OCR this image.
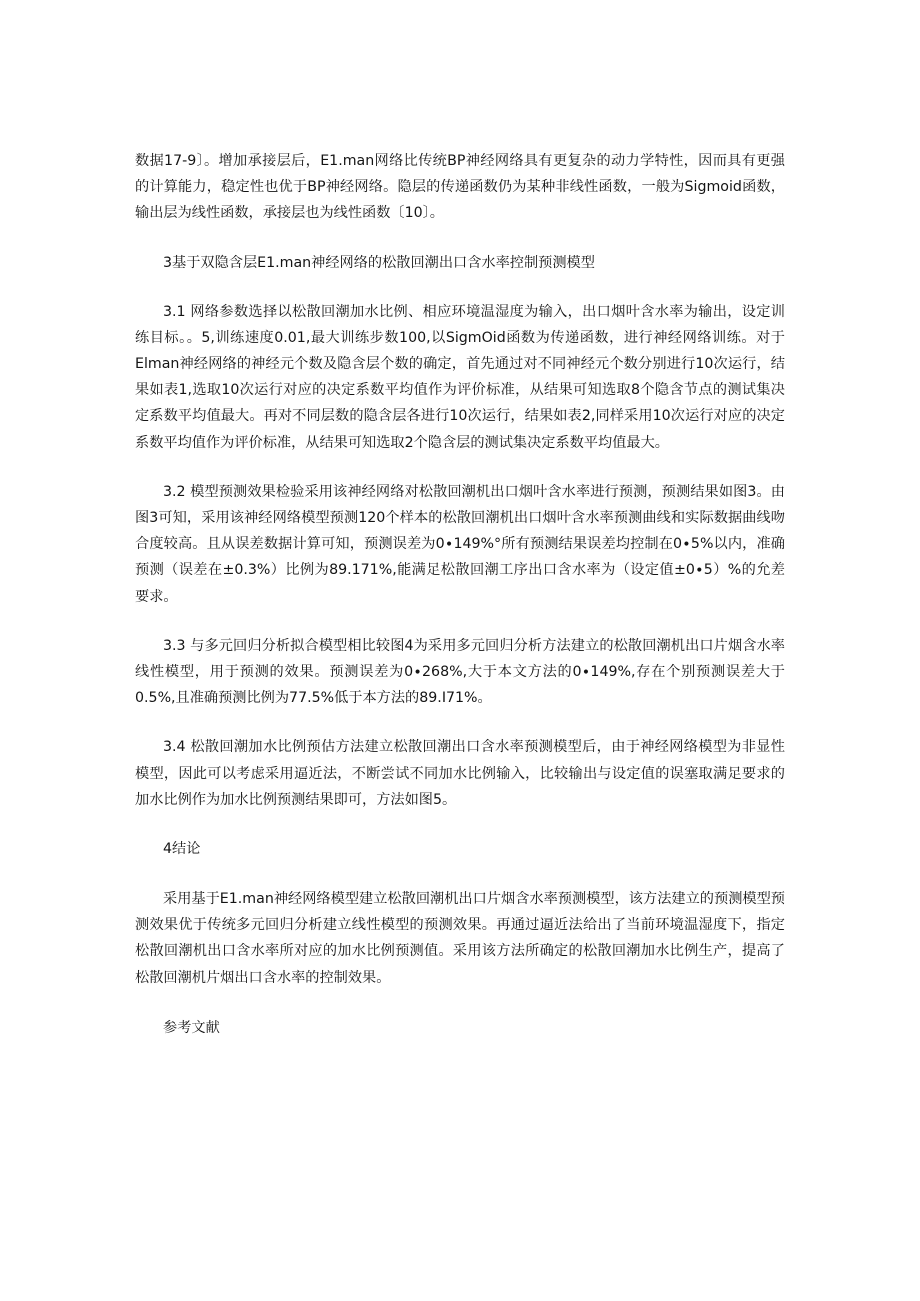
数据17-9〕。增加承接层后，E1.man网络比传统BP神经网络具有更复杂的动力学特性，因而具有更强的计算能力，稳定性也优于BP神经网络。隐层的传递函数仍为某种非线性函数，一般为Sigmoid函数，输出层为线性函数，承接层也为线性函数〔10〕。

3基于双隐含层E1.man神经网络的松散回潮出口含水率控制预测模型

3.1 网络参数选择以松散回潮加水比例、相应环境温湿度为输入，出口烟叶含水率为输出，设定训练目标。。5,训练速度0.01,最大训练步数100,以SigmOid函数为传递函数，进行神经网络训练。对于Elman神经网络的神经元个数及隐含层个数的确定，首先通过对不同神经元个数分别进行10次运行，结果如表1,选取10次运行对应的决定系数平均值作为评价标准，从结果可知选取8个隐含节点的测试集决定系数平均值最大。再对不同层数的隐含层各进行10次运行，结果如表2,同样采用10次运行对应的决定系数平均值作为评价标准，从结果可知选取2个隐含层的测试集决定系数平均值最大。

3.2 模型预测效果检验采用该神经网络对松散回潮机出口烟叶含水率进行预测，预测结果如图3。由图3可知，采用该神经网络模型预测120个样本的松散回潮机出口烟叶含水率预测曲线和实际数据曲线吻合度较高。且从误差数据计算可知，预测误差为0∙149%°所有预测结果误差均控制在0∙5%以内，准确预测（误差在±0.3%）比例为89.171%,能满足松散回潮工序出口含水率为（设定值±0∙5）%的允差要求。

3.3 与多元回归分析拟合模型相比较图4为采用多元回归分析方法建立的松散回潮机出口片烟含水率线性模型，用于预测的效果。预测误差为0∙268%,大于本文方法的0∙149%,存在个别预测误差大于0.5%,且准确预测比例为77.5%低于本方法的89.I71%。

3.4 松散回潮加水比例预估方法建立松散回潮出口含水率预测模型后，由于神经网络模型为非显性模型，因此可以考虑采用逼近法，不断尝试不同加水比例输入，比较输出与设定值的误塞取满足要求的加水比例作为加水比例预测结果即可，方法如图5。

4结论

采用基于E1.man神经网络模型建立松散回潮机出口片烟含水率预测模型，该方法建立的预测模型预测效果优于传统多元回归分析建立线性模型的预测效果。再通过逼近法给出了当前环境温湿度下，指定松散回潮机出口含水率所对应的加水比例预测值。采用该方法所确定的松散回潮加水比例生产，提高了松散回潮机片烟出口含水率的控制效果。

参考文献
